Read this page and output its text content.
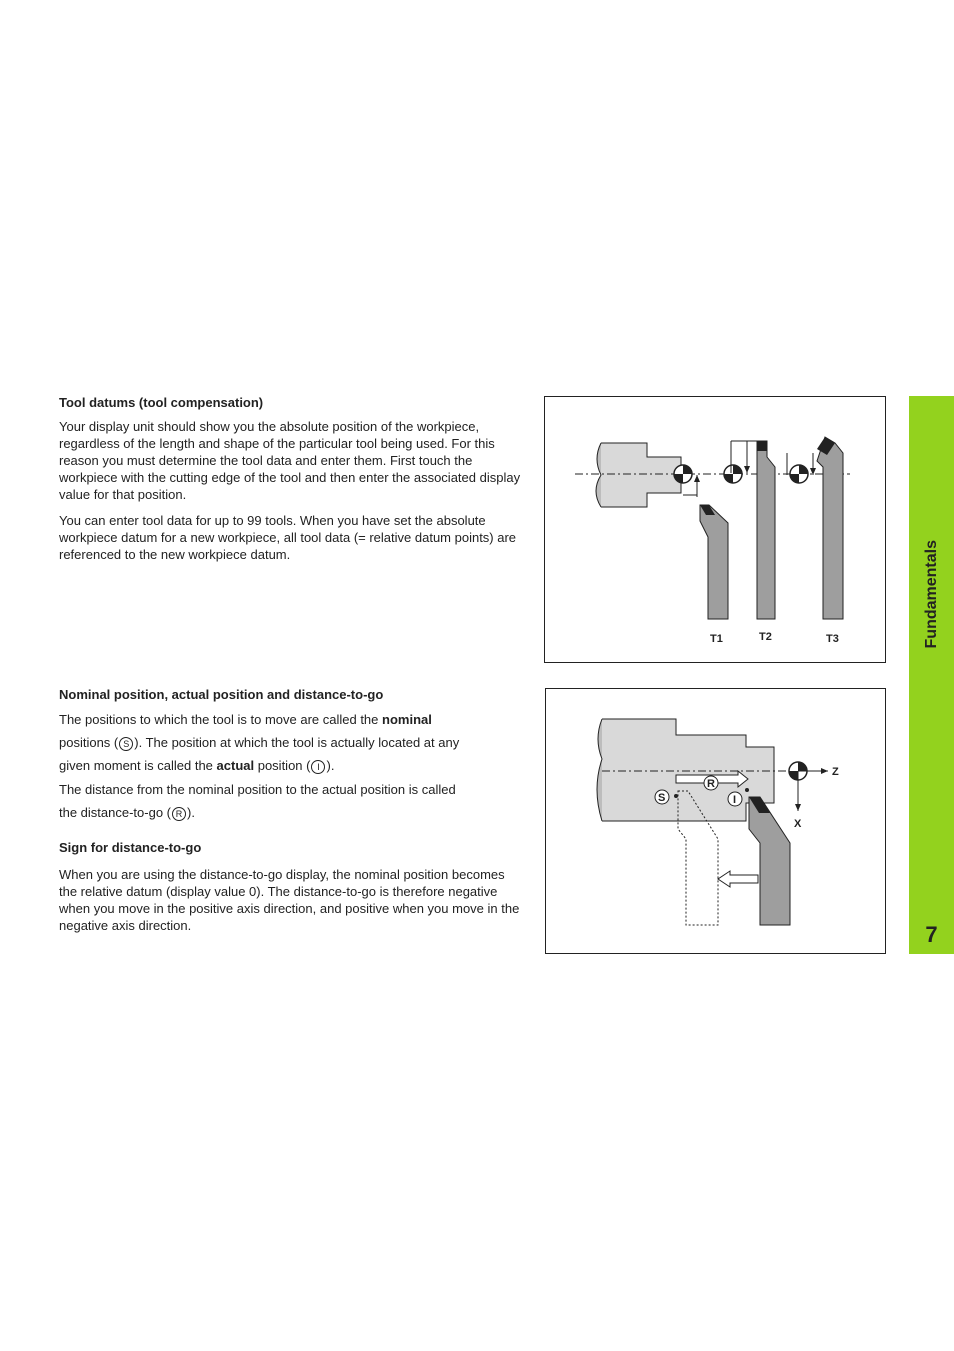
Tool datums (tool compensation)

Your display unit should show you the absolute position of the workpiece, regardless of the length and shape of the particular tool being used. For this reason you must determine the tool data and enter them. First touch the workpiece with the cutting edge of the tool and then enter the associated display value for that position.

You can enter tool data for up to 99 tools. When you have set the absolute workpiece datum for a new workpiece, all tool data (= relative datum points) are referenced to the new workpiece datum.

T1	T2	T3

Nominal position, actual position and distance-to-go

The positions to which the tool is to move are called the nominal
positions ( S ). The position at which the tool is actually located at any
given moment is called the actual position ( I ).

The distance from the nominal position to the actual position is called
the distance-to-go ( R ).

Sign for distance-to-go

When you are using the distance-to-go display, the nominal position becomes the relative datum (display value 0). The distance-to-go is therefore negative when you move in the positive axis direction, and positive when you move in the negative axis direction.

S
R
I
Z
X
Fundamentals
7
